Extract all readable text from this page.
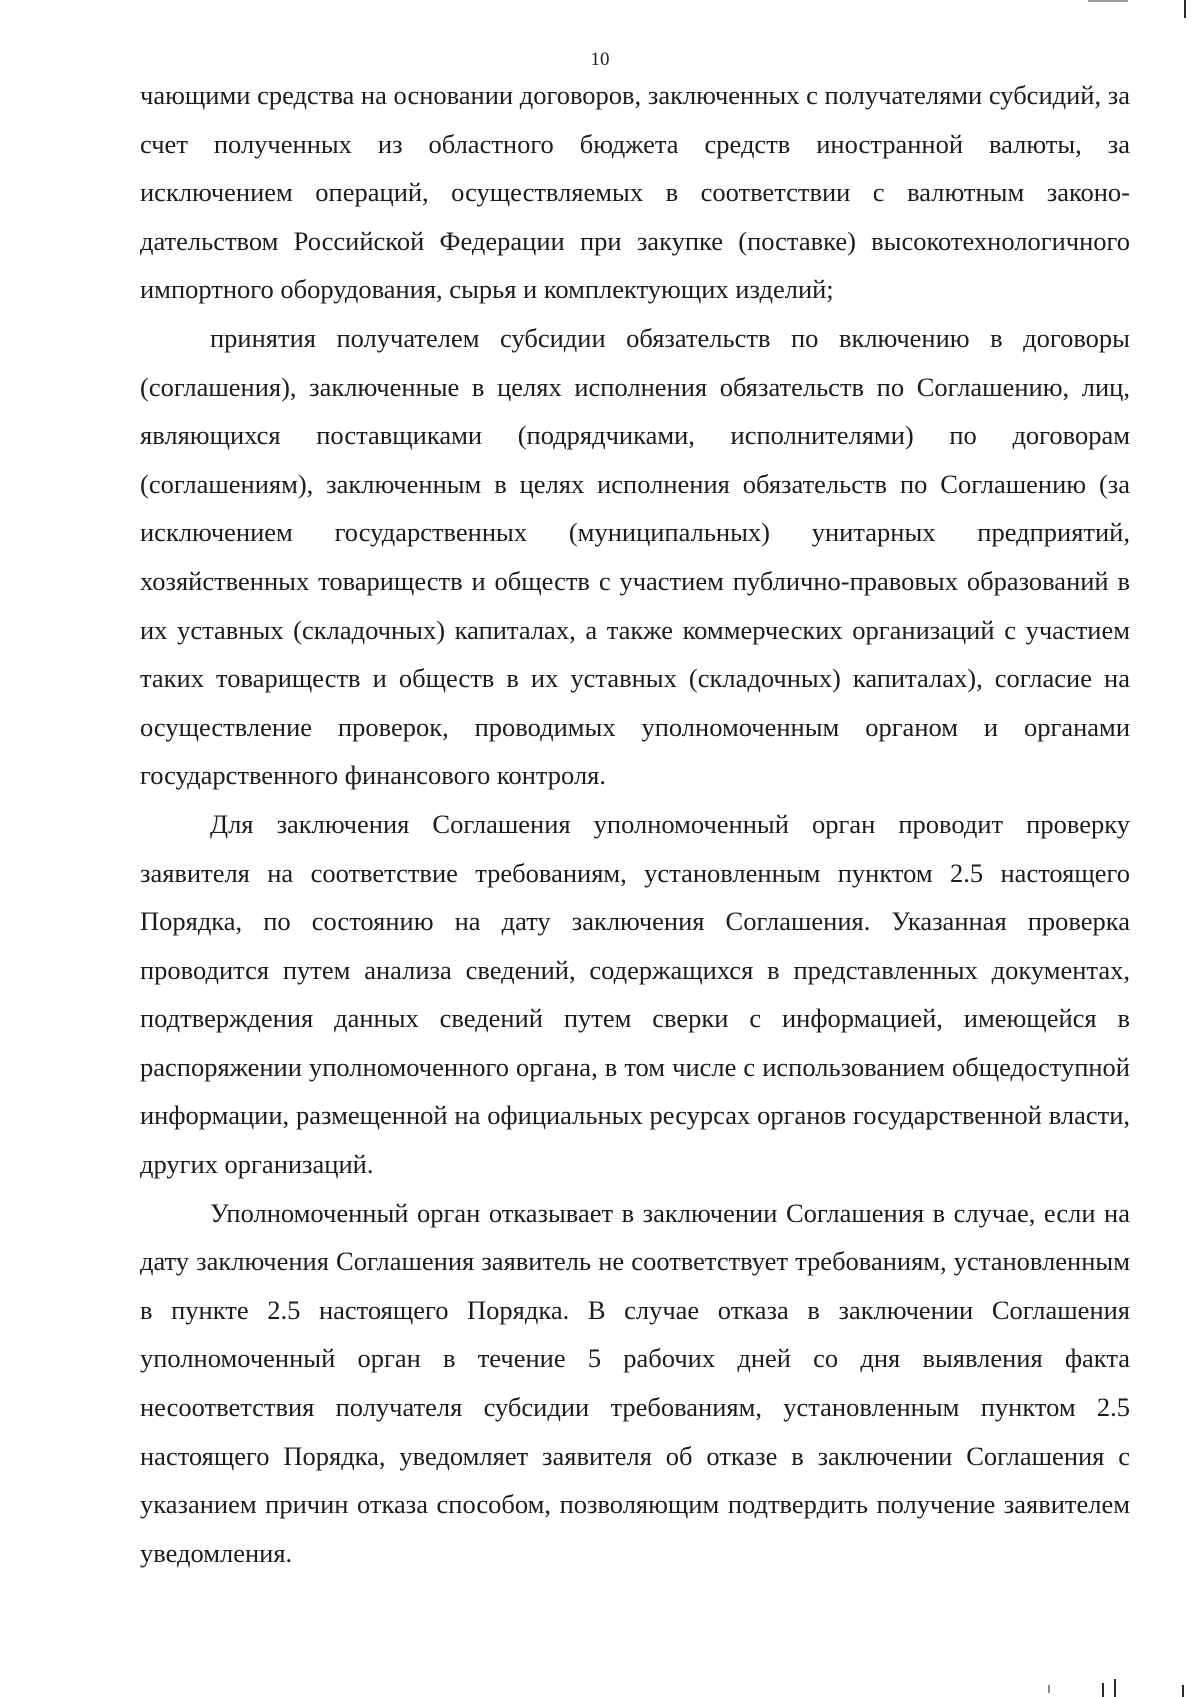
10

чающими средства на основании договоров, заключенных с получателями субсидий, за счет полученных из областного бюджета средств иностранной валюты, за исключением операций, осуществляемых в соответствии с валютным законодательством Российской Федерации при закупке (поставке) высокотехнологичного импортного оборудования, сырья и комплектующих изделий;

принятия получателем субсидии обязательств по включению в договоры (соглашения), заключенные в целях исполнения обязательств по Соглашению, лиц, являющихся поставщиками (подрядчиками, исполнителями) по договорам (соглашениям), заключенным в целях исполнения обязательств по Соглашению (за исключением государственных (муниципальных) унитарных предприятий, хозяйственных товариществ и обществ с участием публично-правовых образований в их уставных (складочных) капиталах, а также коммерческих организаций с участием таких товариществ и обществ в их уставных (складочных) капиталах), согласие на осуществление проверок, проводимых уполномоченным органом и органами государственного финансового контроля.

Для заключения Соглашения уполномоченный орган проводит проверку заявителя на соответствие требованиям, установленным пунктом 2.5 настоящего Порядка, по состоянию на дату заключения Соглашения. Указанная проверка проводится путем анализа сведений, содержащихся в представленных документах, подтверждения данных сведений путем сверки с информацией, имеющейся в распоряжении уполномоченного органа, в том числе с использованием общедоступной информации, размещенной на официальных ресурсах органов государственной власти, других организаций.

Уполномоченный орган отказывает в заключении Соглашения в случае, если на дату заключения Соглашения заявитель не соответствует требованиям, установленным в пункте 2.5 настоящего Порядка. В случае отказа в заключении Соглашения уполномоченный орган в течение 5 рабочих дней со дня выявления факта несоответствия получателя субсидии требованиям, установленным пунктом 2.5 настоящего Порядка, уведомляет заявителя об отказе в заключении Соглашения с указанием причин отказа способом, позволяющим подтвердить получение заявителем уведомления.
